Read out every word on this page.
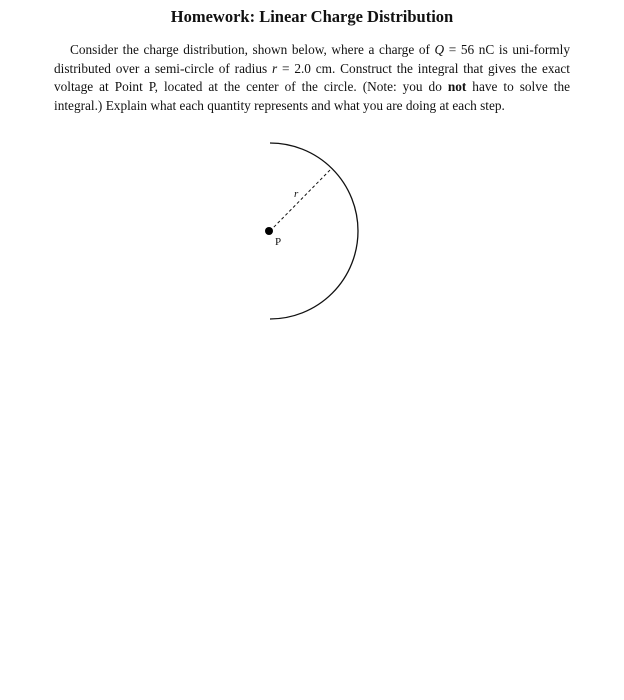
Homework: Linear Charge Distribution

Consider the charge distribution, shown below, where a charge of Q = 56 nC is uni-formly distributed over a semi-circle of radius r = 2.0 cm. Construct the integral that gives the exact voltage at Point P, located at the center of the circle. (Note: you do not have to solve the integral.) Explain what each quantity represents and what you are doing at each step.

P
r
